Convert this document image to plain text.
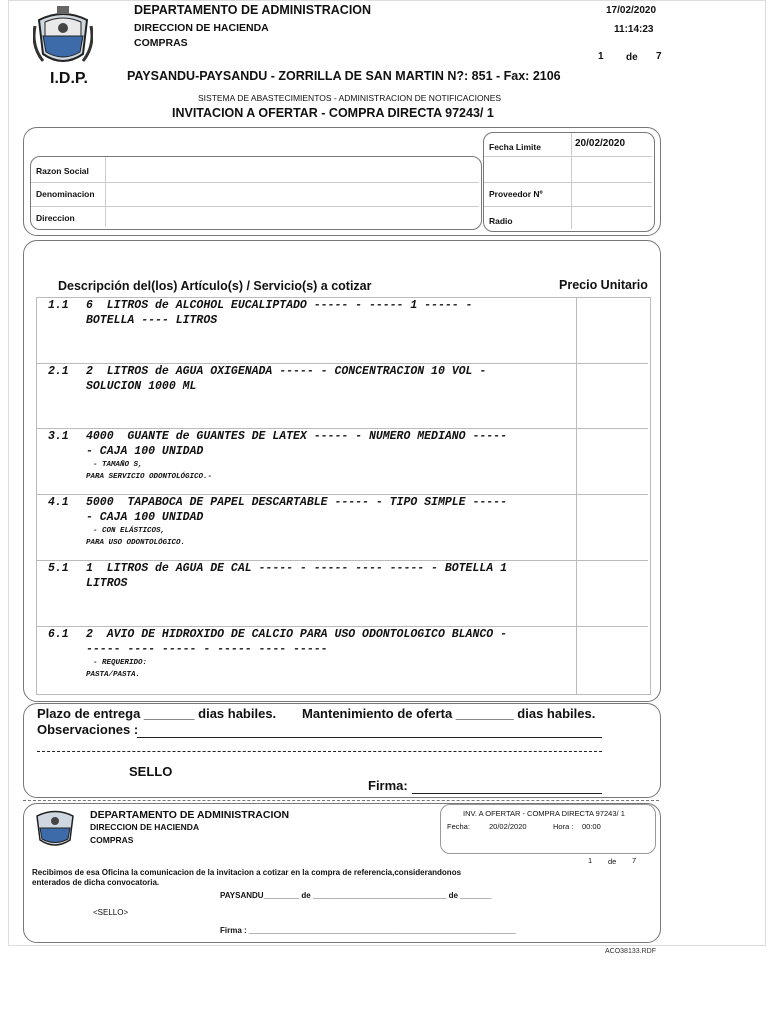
DEPARTAMENTO DE ADMINISTRACION
DIRECCION DE HACIENDA
COMPRAS
17/02/2020
11:14:23
1 de 7
I.D.P.	PAYSANDU-PAYSANDU - ZORRILLA DE SAN MARTIN N?: 851 - Fax: 2106
SISTEMA DE ABASTECIMIENTOS - ADMINISTRACION DE NOTIFICACIONES
INVITACION A OFERTAR - COMPRA DIRECTA 97243/ 1
Razon Social
Denominacion
Direccion
Fecha Limite	20/02/2020
Proveedor Nº
Radio
Descripción del(los) Artículo(s) / Servicio(s) a cotizar	Precio Unitario
1.1 6  LITROS de ALCOHOL EUCALIPTADO ----- - ----- 1 ----- -
BOTELLA ---- LITROS
2.1 2  LITROS de AGUA OXIGENADA ----- - CONCENTRACION 10 VOL -
SOLUCION 1000 ML
3.1 4000  GUANTE de GUANTES DE LATEX ----- - NUMERO MEDIANO -----
- CAJA 100 UNIDAD
- TAMAÑO S,
PARA SERVICIO ODONTOLÓGICO.-
4.1 5000  TAPABOCA DE PAPEL DESCARTABLE ----- - TIPO SIMPLE -----
- CAJA 100 UNIDAD
- CON ELÁSTICOS,
PARA USO ODONTOLÓGICO.
5.1 1  LITROS de AGUA DE CAL ----- - ----- ---- ----- - BOTELLA 1
LITROS
6.1 2  AVIO DE HIDROXIDO DE CALCIO PARA USO ODONTOLOGICO BLANCO -
----- ---- ----- - ----- ---- -----
- REQUERIDO:
PASTA/PASTA.
Plazo de entrega _______ dias habiles. Mantenimiento de oferta ________ dias habiles.
Observaciones :
SELLO
Firma:
DEPARTAMENTO DE ADMINISTRACION
DIRECCION DE HACIENDA
COMPRAS
INV. A OFERTAR - COMPRA DIRECTA 97243/ 1
Fecha:	20/02/2020	Hora : 00:00
1 de 7
Recibimos de esa Oficina la comunicacion de la invitacion a cotizar en la compra de referencia,considerandonos
enterados de dicha convocatoria.
PAYSANDU________ de ______________________________ de _______
<SELLO>
Firma : ____________________________________________________________
ACO38133.RDF
